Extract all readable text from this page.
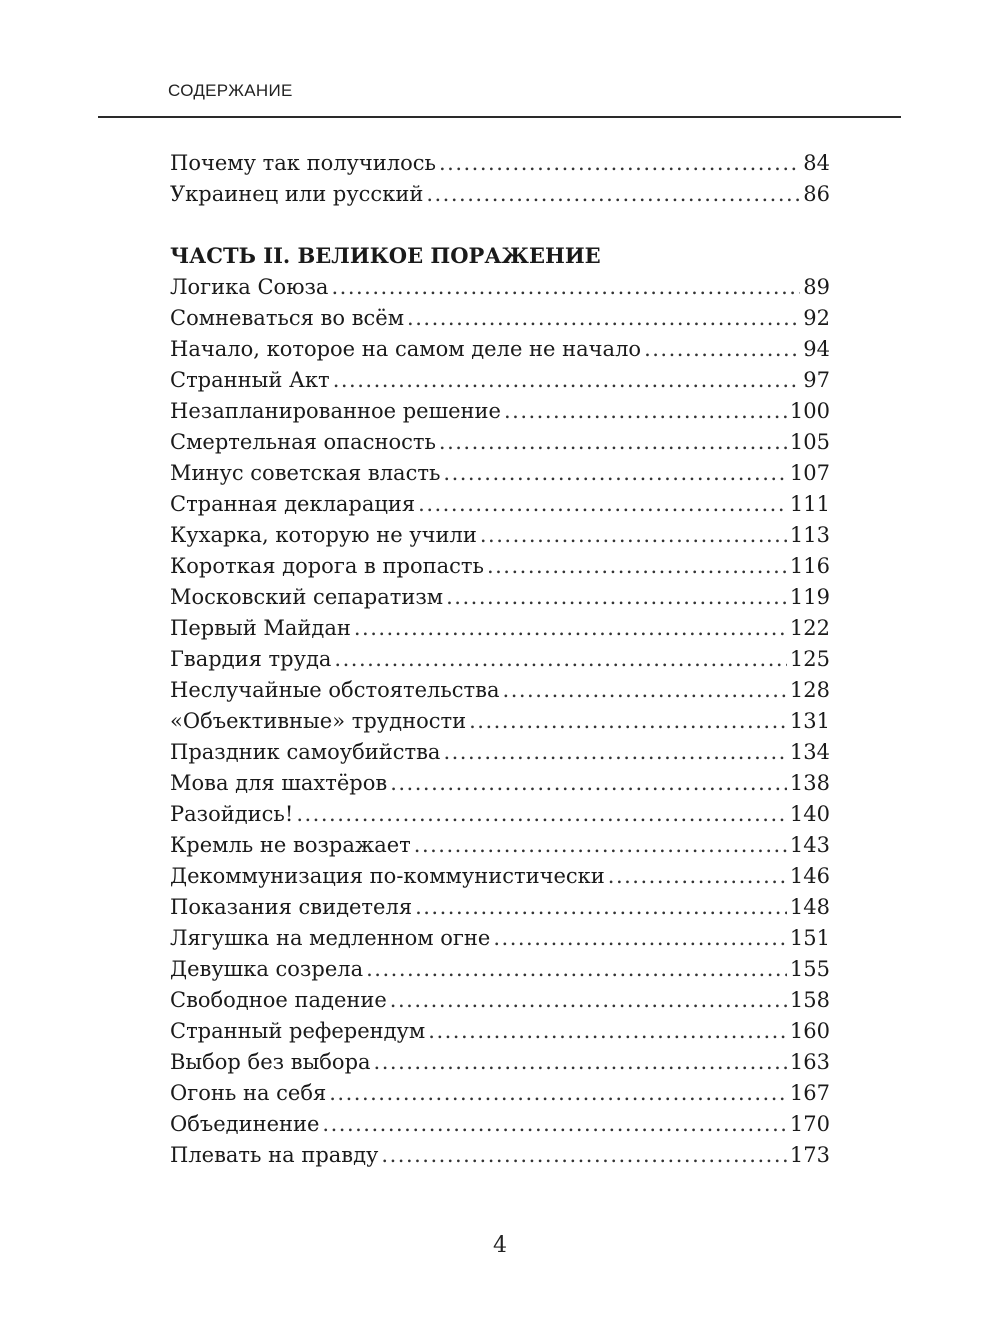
СОДЕРЖАНИЕ
Почему так получилось .....	84
Украинец или русский .....	86
ЧАСТЬ II. ВЕЛИКОЕ ПОРАЖЕНИЕ
Логика Союза .....	89
Сомневаться во всём .....	92
Начало, которое на самом деле не начало .....	94
Странный Акт .....	97
Незапланированное решение .....	100
Смертельная опасность .....	105
Минус советская власть .....	107
Странная декларация .....	111
Кухарка, которую не учили .....	113
Короткая дорога в пропасть .....	116
Московский сепаратизм .....	119
Первый Майдан .....	122
Гвардия труда .....	125
Неслучайные обстоятельства .....	128
«Объективные» трудности .....	131
Праздник самоубийства .....	134
Мова для шахтёров .....	138
Разойдись! .....	140
Кремль не возражает .....	143
Декоммунизация по-коммунистически .....	146
Показания свидетеля .....	148
Лягушка на медленном огне .....	151
Девушка созрела .....	155
Свободное падение .....	158
Странный референдум .....	160
Выбор без выбора .....	163
Огонь на себя .....	167
Объединение .....	170
Плевать на правду .....	173
4
